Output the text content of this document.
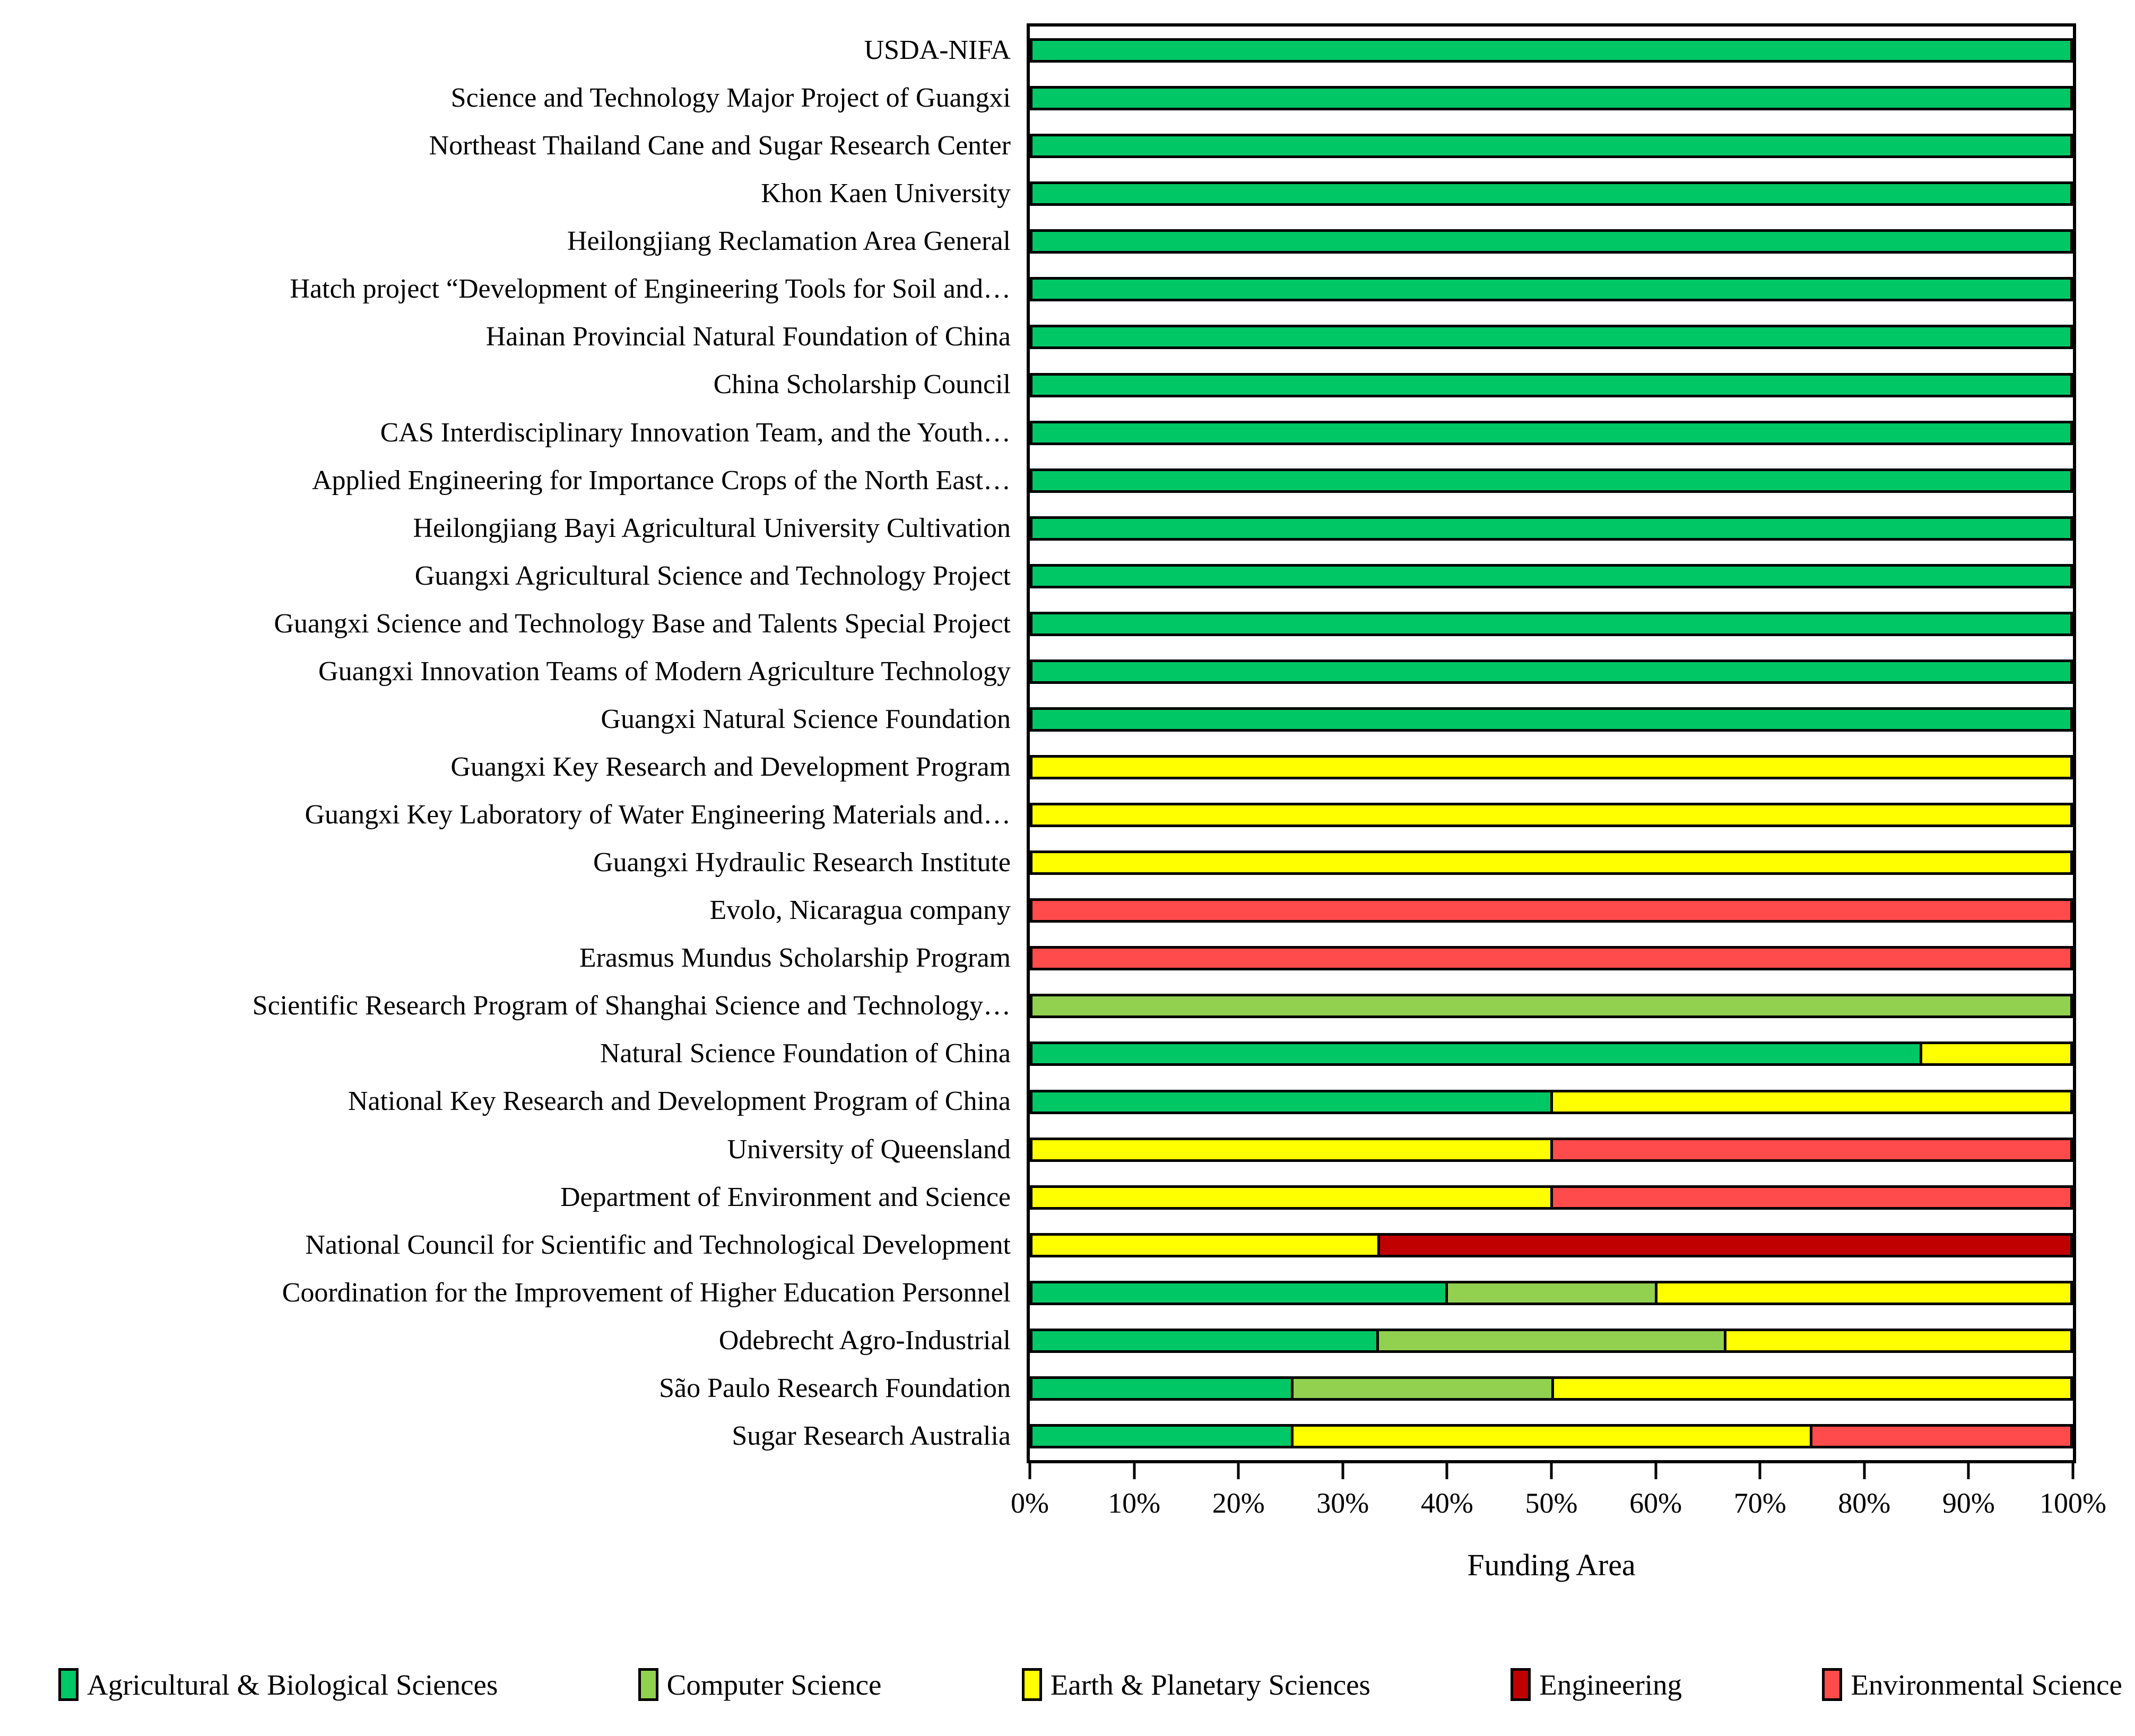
USDA-NIFA
Science and Technology Major Project of Guangxi
Northeast Thailand Cane and Sugar Research Center
Khon Kaen University
Heilongjiang Reclamation Area General
Hatch project “Development of Engineering Tools for Soil and…
Hainan Provincial Natural Foundation of China
China Scholarship Council
CAS Interdisciplinary Innovation Team, and the Youth…
Applied Engineering for Importance Crops of the North East…
Heilongjiang Bayi Agricultural University Cultivation
Guangxi Agricultural Science and Technology Project
Guangxi Science and Technology Base and Talents Special Project
Guangxi Innovation Teams of Modern Agriculture Technology
Guangxi Natural Science Foundation
Guangxi Key Research and Development Program
Guangxi Key Laboratory of Water Engineering Materials and…
Guangxi Hydraulic Research Institute
Evolo, Nicaragua company
Erasmus Mundus Scholarship Program
Scientific Research Program of Shanghai Science and Technology…
Natural Science Foundation of China
National Key Research and Development Program of China
University of Queensland
Department of Environment and Science
National Council for Scientific and Technological Development
Coordination for the Improvement of Higher Education Personnel
Odebrecht Agro-Industrial
São Paulo Research Foundation
Sugar Research Australia
0% 10% 20% 30% 40% 50% 60% 70% 80% 90% 100%
Funding Area
Agricultural & Biological Sciences	Computer Science	Earth & Planetary Sciences	Engineering	Environmental Science
